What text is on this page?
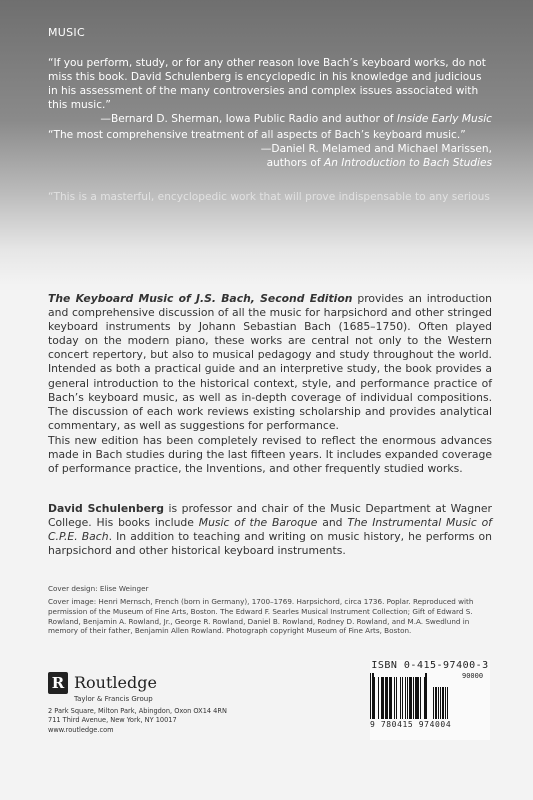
MUSIC
“If you perform, study, or for any other reason love Bach’s keyboard works, do not miss this book. David Schulenberg is encyclopedic in his knowledge and judicious in his assessment of the many controversies and complex issues associated with this music.”
—Bernard D. Sherman, Iowa Public Radio and author of Inside Early Music
“The most comprehensive treatment of all aspects of Bach’s keyboard music.”
—Daniel R. Melamed and Michael Marissen,
authors of An Introduction to Bach Studies
“This is a masterful, encyclopedic work that will prove indispensable to any serious
The Keyboard Music of J.S. Bach, Second Edition provides an introduction and comprehensive discussion of all the music for harpsichord and other stringed keyboard instruments by Johann Sebastian Bach (1685–1750). Often played today on the modern piano, these works are central not only to the Western concert repertory, but also to musical pedagogy and study throughout the world. Intended as both a practical guide and an interpretive study, the book provides a general introduction to the historical context, style, and performance practice of Bach’s keyboard music, as well as in-depth coverage of individual compositions. The discussion of each work reviews existing scholarship and provides analytical commentary, as well as suggestions for performance.
This new edition has been completely revised to reflect the enormous advances made in Bach studies during the last fifteen years. It includes expanded coverage of performance practice, the Inventions, and other frequently studied works.
David Schulenberg is professor and chair of the Music Department at Wagner College. His books include Music of the Baroque and The Instrumental Music of C.P.E. Bach. In addition to teaching and writing on music history, he performs on harpsichord and other historical keyboard instruments.
Cover design: Elise Weinger
Cover image: Henri Mernsch, French (born in Germany), 1700–1769. Harpsichord, circa 1736. Poplar. Reproduced with permission of the Museum of Fine Arts, Boston. The Edward F. Searles Musical Instrument Collection; Gift of Edward S. Rowland, Benjamin A. Rowland, Jr., George R. Rowland, Daniel B. Rowland, Rodney D. Rowland, and M.A. Swedlund in memory of their father, Benjamin Allen Rowland. Photograph copyright Museum of Fine Arts, Boston.
R Routledge
Taylor & Francis Group
2 Park Square, Milton Park, Abingdon, Oxon OX14 4RN
711 Third Avenue, New York, NY 10017
www.routledge.com
ISBN 0-415-97400-3
90000
9 780415 974004
